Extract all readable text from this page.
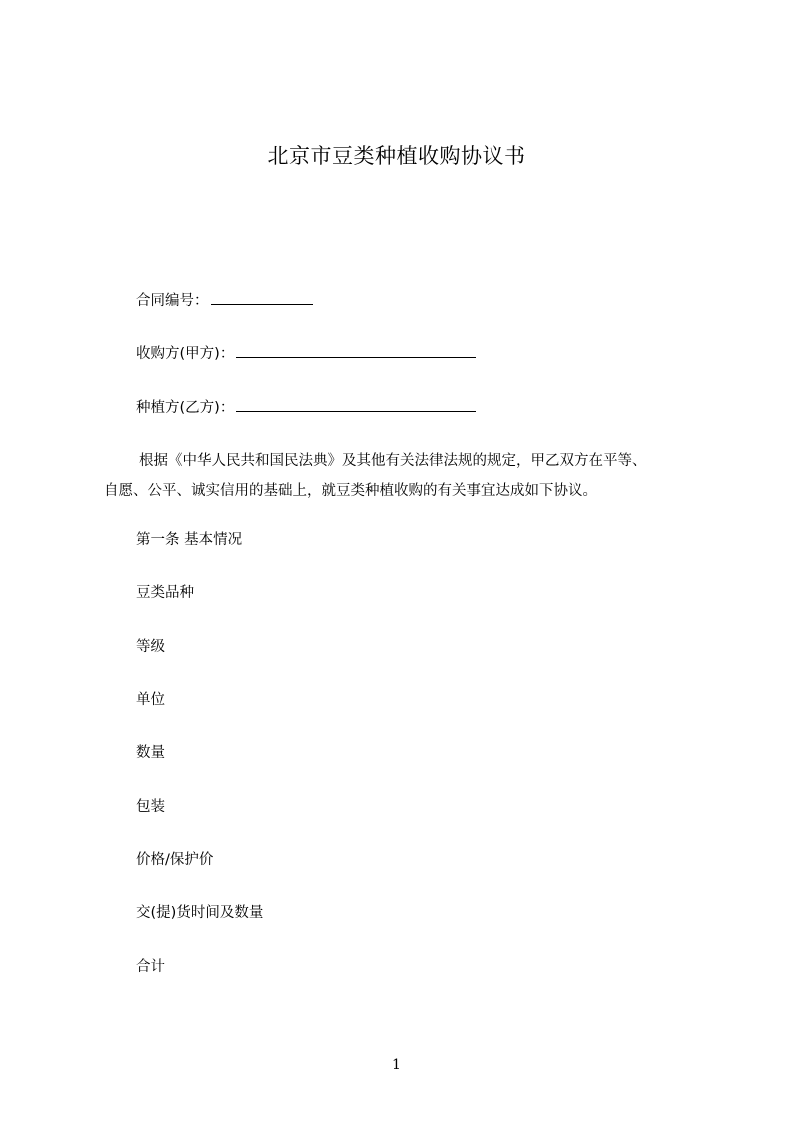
北京市豆类种植收购协议书
合同编号：
收购方(甲方)：
种植方(乙方)：
根据《中华人民共和国民法典》及其他有关法律法规的规定，甲乙双方在平等、
自愿、公平、诚实信用的基础上，就豆类种植收购的有关事宜达成如下协议。
第一条 基本情况
豆类品种
等级
单位
数量
包装
价格/保护价
交(提)货时间及数量
合计
1
